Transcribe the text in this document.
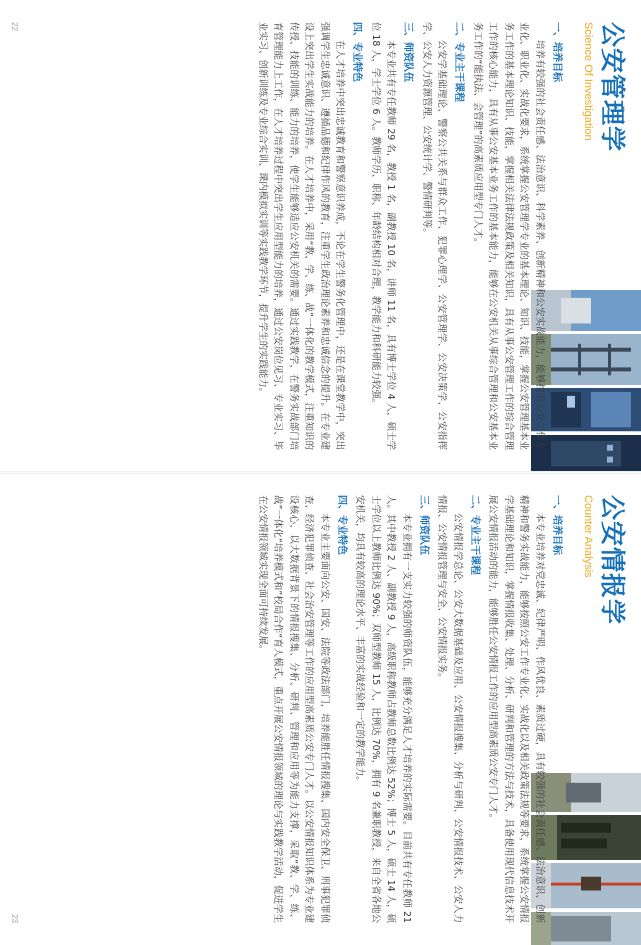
公安管理学
Science Of Investigation
一、培养目标

培养有较强的社会责任感、法治意识、科学素养、创新精神和公安实战能力，能够按照公安工作专业化、职业化、实战化要求，系统掌握公安管理学专业的基本理论、知识、技能，掌握公安管理基本业务工作的基本理论知识、技能，掌握相关法律法规政策及相关知识，具有从事公安管理工作的综合管理工作的核心能力，具有从事公安基本业务工作的基本能力，能够在公安机关从事综合管理和公安基本业务工作的“能执法、会管理”的高素质应用型专门人才。

二、专业主干课程

公安学基础理论、警察公共关系与群众工作、犯罪心理学、公安管理学、公安决策学、公安指挥学、公安人力资源管理、公安统计学、警情研判等。

三、师资队伍

本专业共有专任教师 29 名，教授 1 名，副教授 10 名，讲师 11 名，具有博士学位 4 人，硕士学位 18 人，学士学位 6 人。教师学历、职称、年龄结构相对合理，教学能力和科研能力较强。

四、专业特色

在人才培养中突出忠诚教育和警察意识养成，不论在学生警务化管理中，还是在课堂教学中，突出强调学生忠诚意识、遵循品德和纪律作风的教育，注重学生政治理论素养和忠诚信念的提升。在专业建设上突出学生实战能力的培养。在人才培养中，采用“教、学、练、战”一体化的教学模式，注重知识的传授、技能的训练、能力的培养，使学生能够适应公安机关的需要。通过实践教学，在警务实战部门培育管理能力上工作，在人才培养过程中突出学生应用型能力的培养，通过公安岗位见习、专业实习、毕业实习、创新训练及专业综合实训、课内模拟实训等实践教学环节，提升学生的实践能力。

22
公安情报学
Counter Analysis
一、培养目标

本专业培养对党忠诚、纪律严明、作风优良、素质过硬，具有较强的社会责任感、法治意识、创新精神和警务实战能力，能够按照公安工作专业化、实战化以及相关政策法规等要求，系统掌握公安情报学基础理论和知识，掌握情报收集、处理、分析、研判和管理的方法与技术，具备使用现代信息技术开展公安情报活动的能力，能够胜任公安情报工作的应用型高素质公安专门人才。

二、专业主干课程

公安情报学总论、公安大数据基础及应用、公安情报搜集、分析与研判、公安情报技术、公安人力情报、公安情报管理与安全、公安情报实务。

三、师资队伍

本专业拥有一支实力较强的师资队伍，能够充分满足人才培养的实际需要。目前共有专任教师 21 人。其中教授 2 人、副教授 9 人，高级职称教师占教师总数比例达 52%；博士 5 人，硕士 14 人，硕士学位以上教师比例达 90%；双师型教师 15 人，比例达 70%，拥有 9 名兼职教授，来自全省各地公安机关，均具有较高的理论水平、丰富的实战经验和一定的教学能力。

四、专业特色

本专业主要面向公安、国安、法院等政法部门，培养能胜任情报搜集、国内安全保卫、刑事犯罪侦查、经济犯罪侦查、社会治安管理等工作的应用型高素质公安专门人才。以公安情报知识体系为专业建设核心，以大数据背景下的情报搜集、分析、研判、管理和应用等为能力支撑，采取“教、学、练、战”一体化“培养模式和”校局合作“育人模式，重点开展公安情报领域的理论与实践教学活动，促进学生在公安情报领域实现全面可持续发展。

23
